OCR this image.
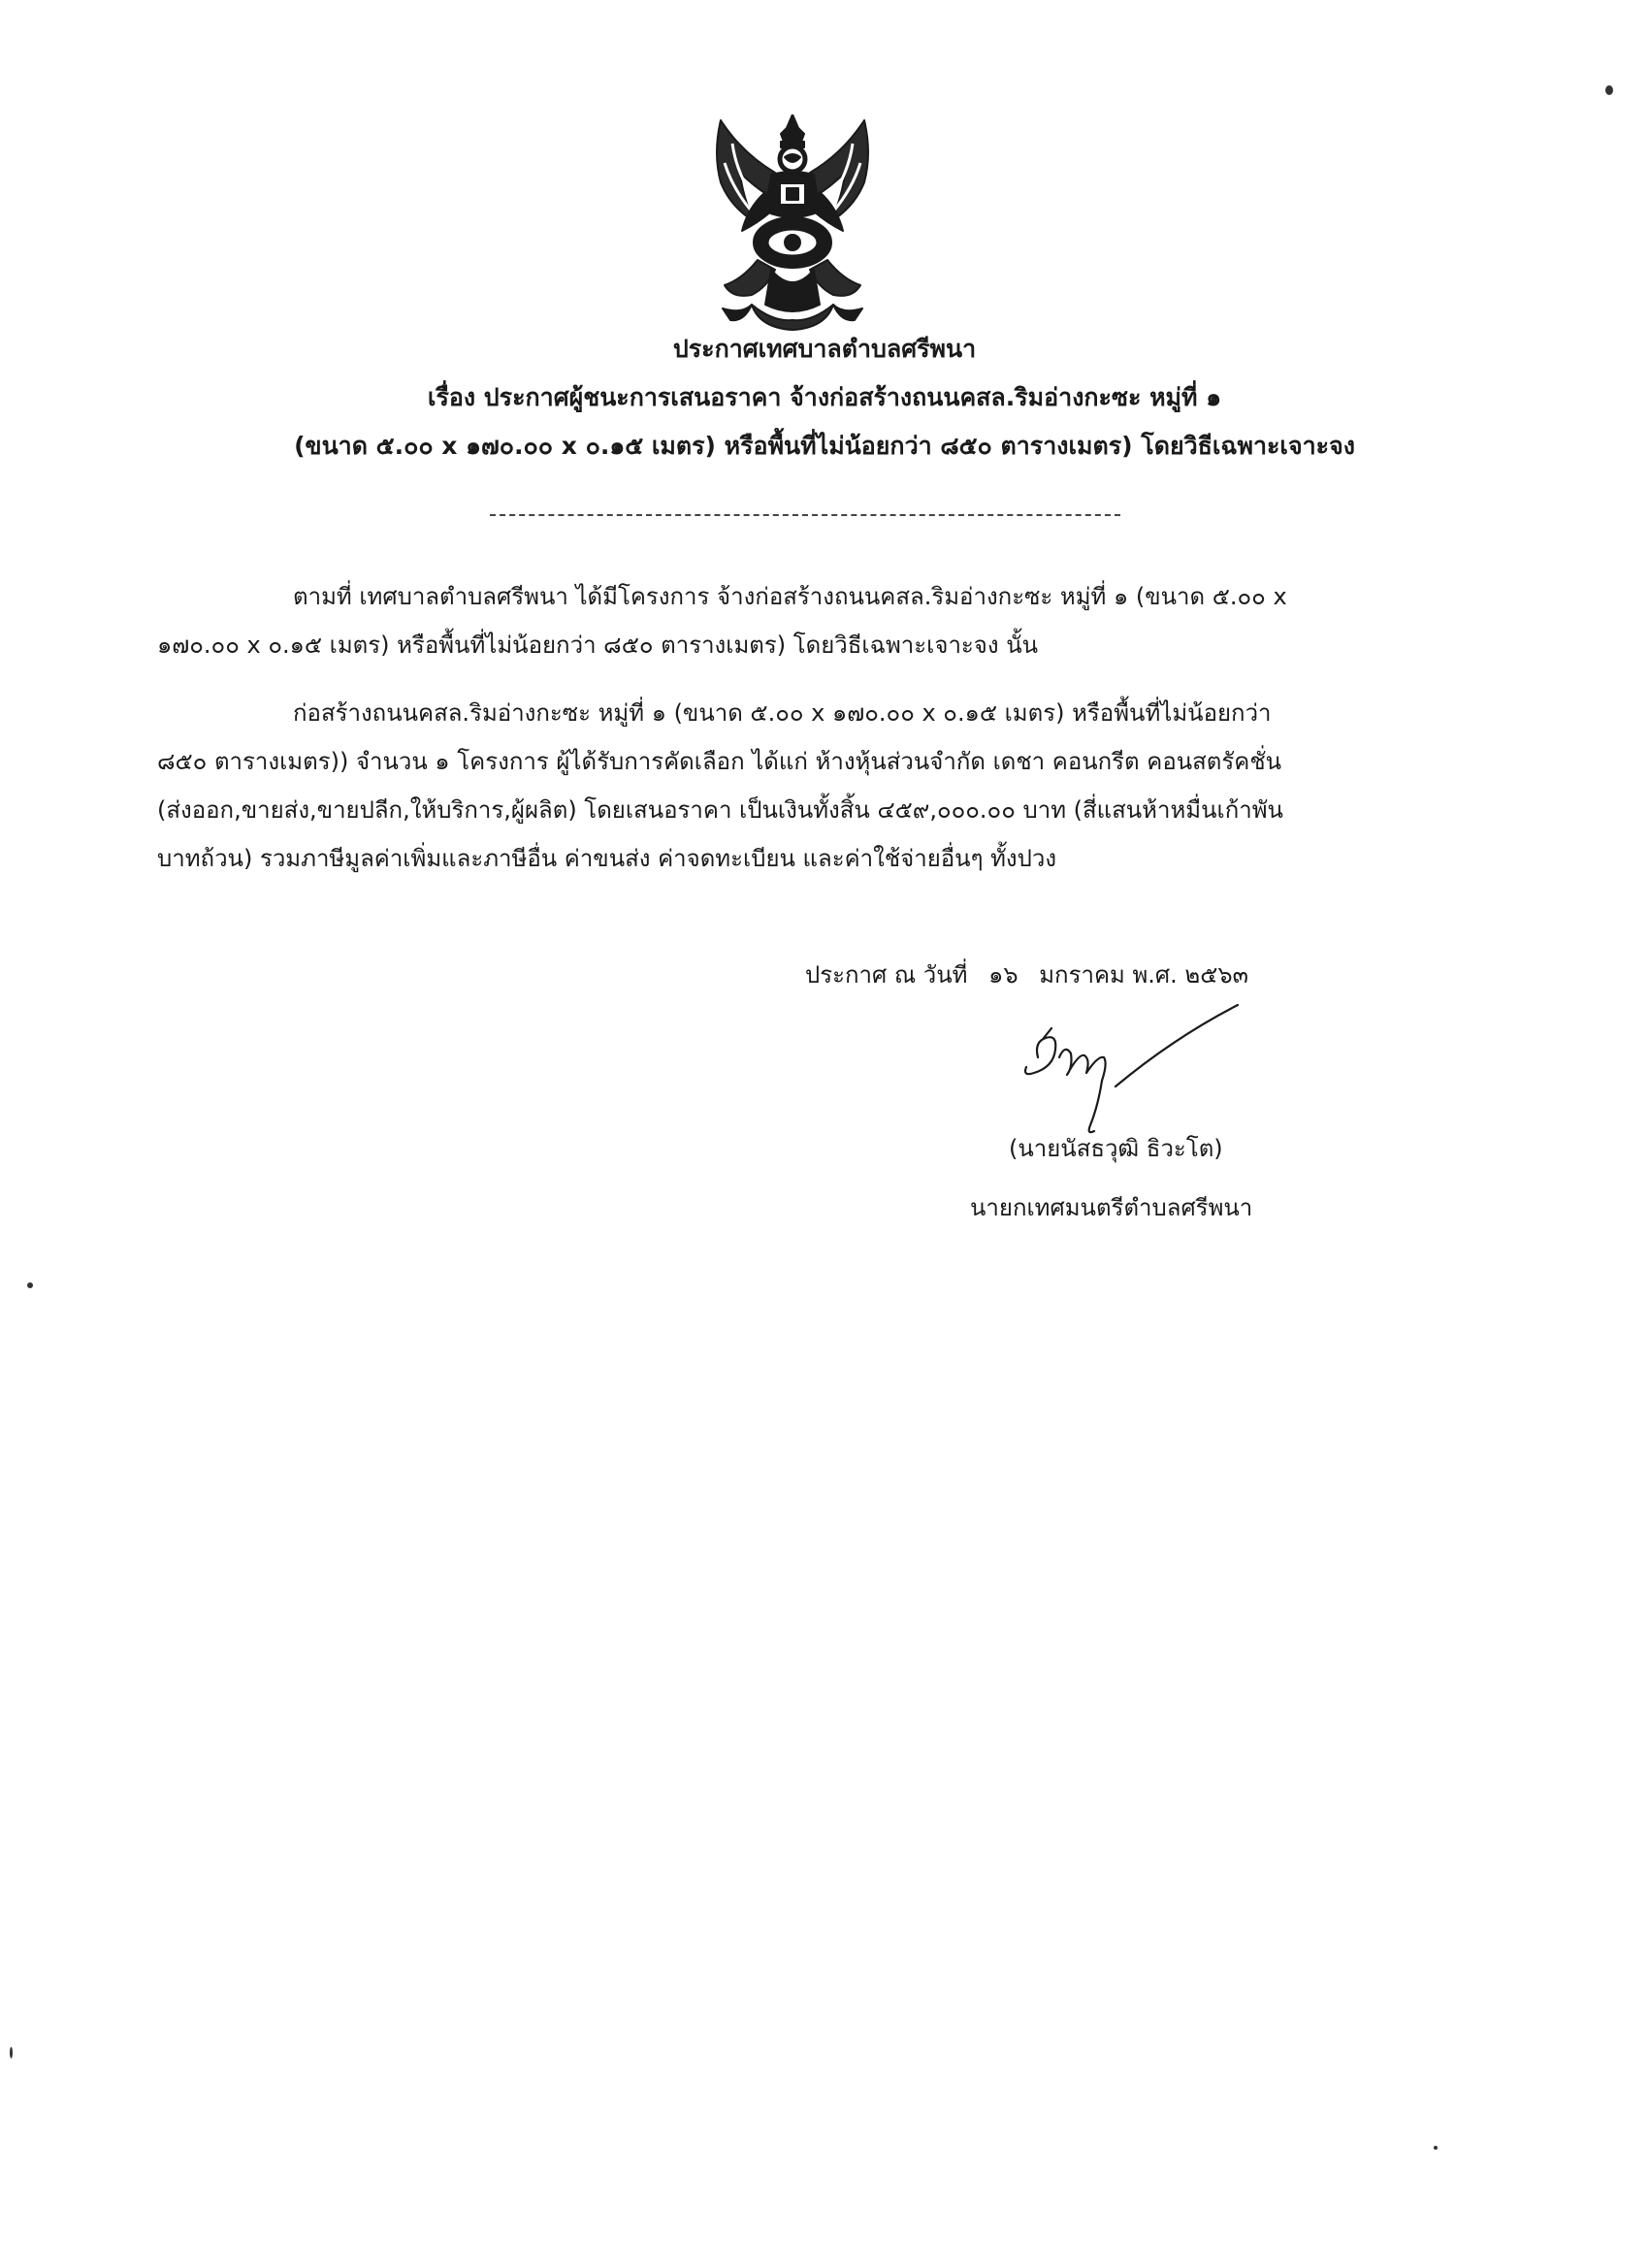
ประกาศเทศบาลตำบลศรีพนา
เรื่อง ประกาศผู้ชนะการเสนอราคา จ้างก่อสร้างถนนคสล.ริมอ่างกะซะ หมู่ที่ ๑
(ขนาด ๕.๐๐ x ๑๗๐.๐๐ x ๐.๑๕ เมตร) หรือพื้นที่ไม่น้อยกว่า ๘๕๐ ตารางเมตร) โดยวิธีเฉพาะเจาะจง
ตามที่ เทศบาลตำบลศรีพนา ได้มีโครงการ จ้างก่อสร้างถนนคสล.ริมอ่างกะซะ หมู่ที่ ๑ (ขนาด ๕.๐๐ x
๑๗๐.๐๐ x ๐.๑๕ เมตร) หรือพื้นที่ไม่น้อยกว่า ๘๕๐ ตารางเมตร) โดยวิธีเฉพาะเจาะจง นั้น
ก่อสร้างถนนคสล.ริมอ่างกะซะ หมู่ที่ ๑ (ขนาด ๕.๐๐ x ๑๗๐.๐๐ x ๐.๑๕ เมตร) หรือพื้นที่ไม่น้อยกว่า
๘๕๐ ตารางเมตร)) จำนวน ๑ โครงการ ผู้ได้รับการคัดเลือก ได้แก่ ห้างหุ้นส่วนจำกัด เดชา คอนกรีต คอนสตรัคชั่น
(ส่งออก,ขายส่ง,ขายปลีก,ให้บริการ,ผู้ผลิต) โดยเสนอราคา เป็นเงินทั้งสิ้น ๔๕๙,๐๐๐.๐๐ บาท (สี่แสนห้าหมื่นเก้าพัน
บาทถ้วน) รวมภาษีมูลค่าเพิ่มและภาษีอื่น ค่าขนส่ง ค่าจดทะเบียน และค่าใช้จ่ายอื่นๆ ทั้งปวง
ประกาศ ณ วันที่ ๑๖ มกราคม พ.ศ. ๒๕๖๓
(นายนัสธวุฒิ ธิวะโต)
นายกเทศมนตรีตำบลศรีพนา
